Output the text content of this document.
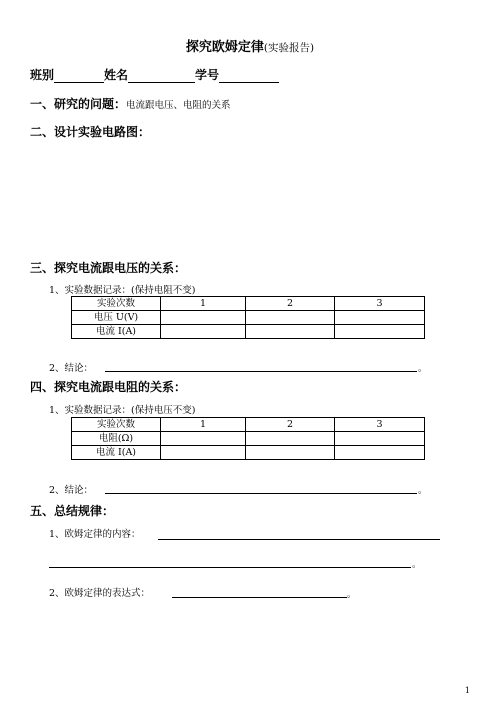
探究欧姆定律(实验报告)
班别	姓名	学号
一、研究的问题：电流跟电压、电阻的关系
二、设计实验电路图：
三、探究电流跟电压的关系：
1、实验数据记录：(保持电阻不变)
实验次数	1	2	3
电压 U(V)			
电流 I(A)			
2、结论：	。
四、探究电流跟电阻的关系：
1、实验数据记录：(保持电压不变)
实验次数	1	2	3
电阻(Ω)			
电流 I(A)			
2、结论：	。
五、总结规律：
1、欧姆定律的内容：
。
2、欧姆定律的表达式：	。
1
